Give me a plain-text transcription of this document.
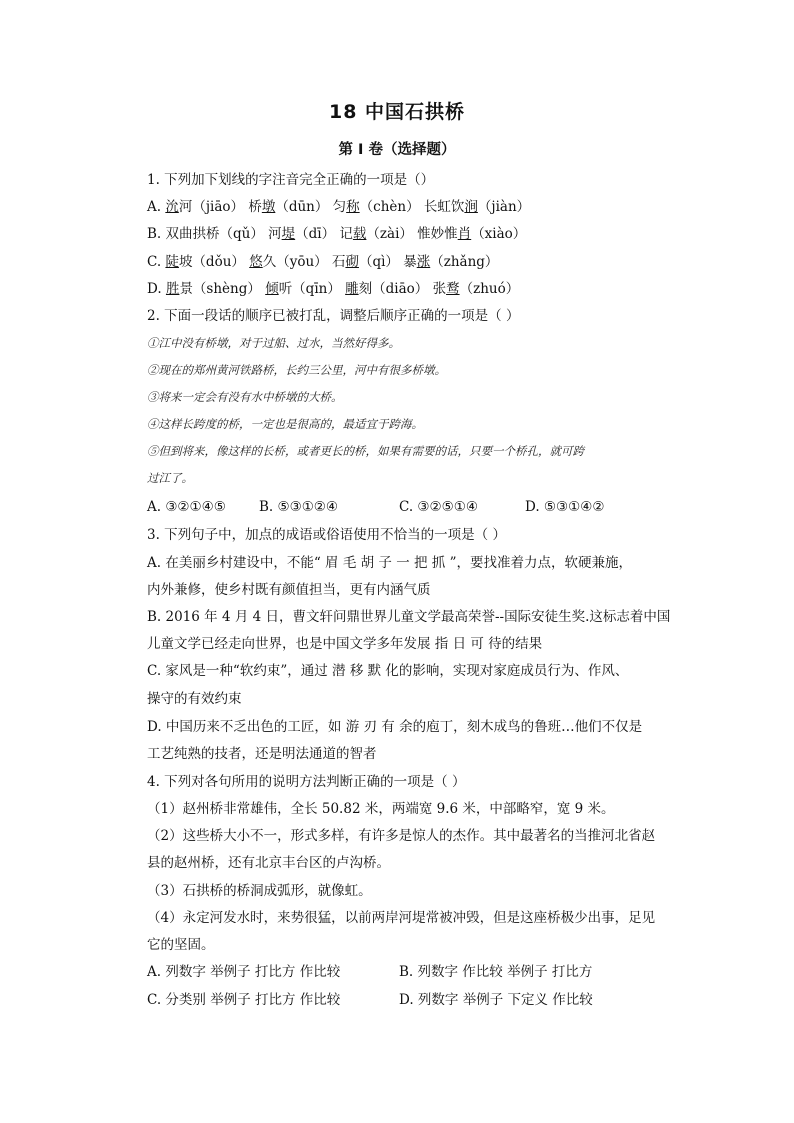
18 中国石拱桥
第 I 卷（选择题）
1. 下列加下划线的字注音完全正确的一项是（）
A. 沇河（jiāo） 桥墩（dūn） 匀称（chèn） 长虹饮涧（jiàn）
B. 双曲拱桥（qǔ） 河堤（dī） 记载（zài） 惟妙惟肖（xiào）
C. 陡坡（dǒu） 悠久（yōu） 石砌（qì） 暴涨（zhǎng）
D. 胜景（shèng） 倾听（qīn） 雕刻（diāo） 张鹜（zhuó）
2. 下面一段话的顺序已被打乱，调整后顺序正确的一项是（ ）
①江中没有桥墩，对于过船、过水，当然好得多。
②现在的郑州黄河铁路桥，长约三公里，河中有很多桥墩。
③将来一定会有没有水中桥墩的大桥。
④这样长跨度的桥，一定也是很高的，最适宜于跨海。
⑤但到将来，像这样的长桥，或者更长的桥，如果有需要的话，只要一个桥孔，就可跨
过江了。
A. ③②①④⑤ B. ⑤③①②④	C. ③②⑤①④	D. ⑤③①④②
3. 下列句子中，加点的成语或俗语使用不恰当的一项是（ ）
A. 在美丽乡村建设中，不能“ 眉 毛 胡 子 一 把 抓 ”，要找准着力点，软硬兼施，
内外兼修，使乡村既有颜值担当，更有内涵气质
B. 2016 年 4 月 4 日，曹文轩问鼎世界儿童文学最高荣誉--国际安徒生奖.这标志着中国
儿童文学已经走向世界，也是中国文学多年发展 指 日 可 待的结果
C. 家风是一种“软约束”，通过 潜 移 默 化的影响，实现对家庭成员行为、作风、
操守的有效约束
D. 中国历来不乏出色的工匠，如 游 刃 有 余的庖丁，刻木成鸟的鲁班…他们不仅是
工艺纯熟的技者，还是明法通道的智者
4. 下列对各句所用的说明方法判断正确的一项是（ ）
（1）赵州桥非常雄伟，全长 50.82 米，两端宽 9.6 米，中部略窄，宽 9 米。
（2）这些桥大小不一，形式多样，有许多是惊人的杰作。其中最著名的当推河北省赵
县的赵州桥，还有北京丰台区的卢沟桥。
（3）石拱桥的桥洞成弧形，就像虹。
（4）永定河发水时，来势很猛，以前两岸河堤常被冲毁，但是这座桥极少出事，足见
它的坚固。
A. 列数字 举例子 打比方 作比较	B. 列数字 作比较 举例子 打比方
C. 分类别 举例子 打比方 作比较	D. 列数字 举例子 下定义 作比较
